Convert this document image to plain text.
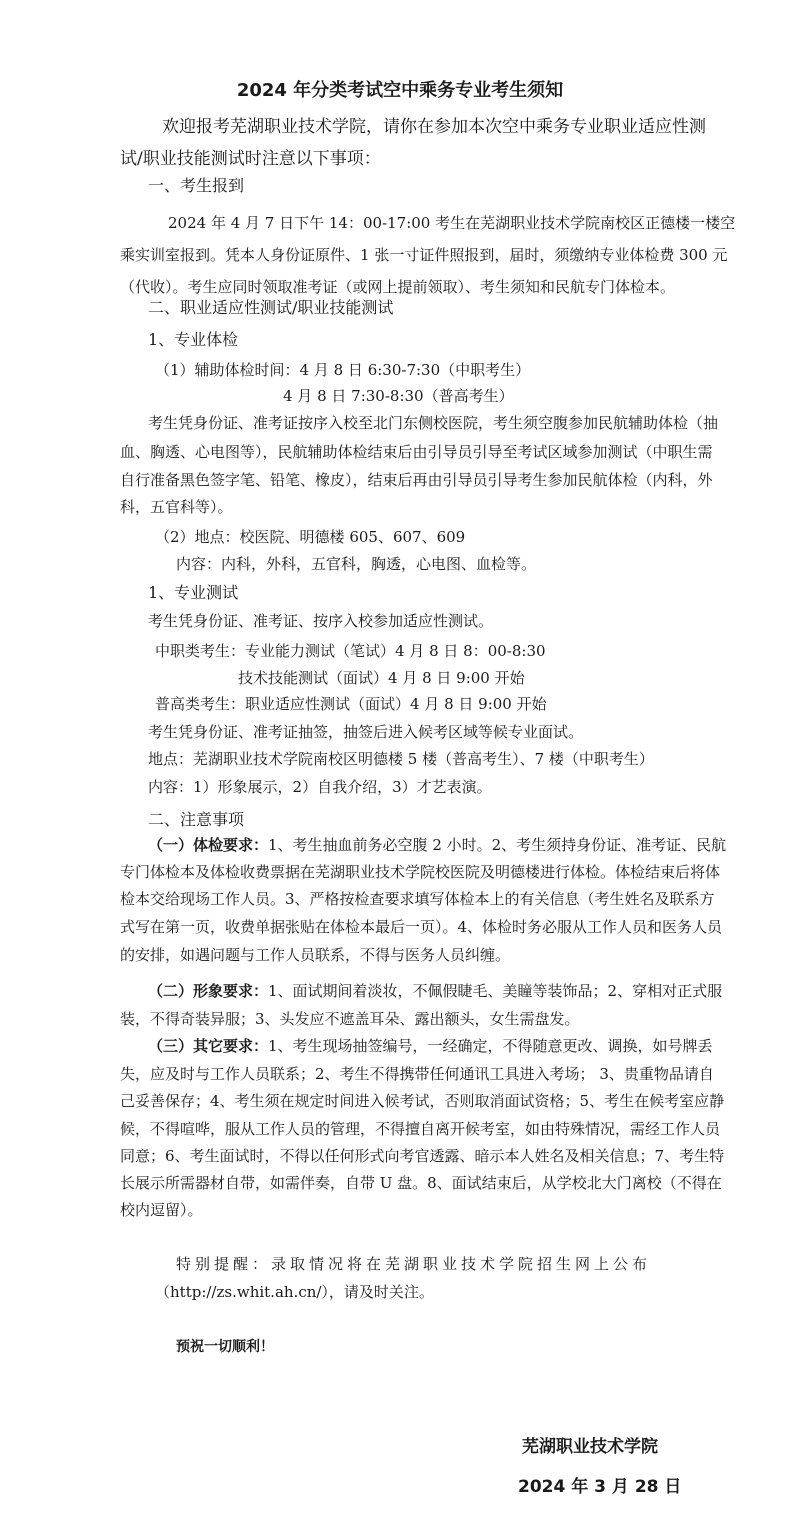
2024 年分类考试空中乘务专业考生须知
欢迎报考芜湖职业技术学院，请你在参加本次空中乘务专业职业适应性测
试/职业技能测试时注意以下事项：
一、考生报到
2024 年 4 月 7 日下午 14：00-17:00 考生在芜湖职业技术学院南校区正德楼一楼空
乘实训室报到。凭本人身份证原件、1 张一寸证件照报到，届时，须缴纳专业体检费 300 元
（代收）。考生应同时领取准考证（或网上提前领取）、考生须知和民航专门体检本。
二、职业适应性测试/职业技能测试
1、专业体检
（1）辅助体检时间：4 月 8 日 6:30-7:30（中职考生）
4 月 8 日 7:30-8:30（普高考生）
考生凭身份证、准考证按序入校至北门东侧校医院，考生须空腹参加民航辅助体检（抽
血、胸透、心电图等），民航辅助体检结束后由引导员引导至考试区域参加测试（中职生需
自行准备黑色签字笔、铅笔、橡皮），结束后再由引导员引导考生参加民航体检（内科，外
科，五官科等）。
（2）地点：校医院、明德楼 605、607、609
内容：内科，外科，五官科，胸透，心电图、血检等。
1、专业测试
考生凭身份证、准考证、按序入校参加适应性测试。
中职类考生：专业能力测试（笔试）4 月 8 日 8：00-8:30
技术技能测试（面试）4 月 8 日 9:00 开始
普高类考生：职业适应性测试（面试）4 月 8 日 9:00 开始
考生凭身份证、准考证抽签，抽签后进入候考区域等候专业面试。
地点：芜湖职业技术学院南校区明德楼 5 楼（普高考生）、7 楼（中职考生）
内容：1）形象展示，2）自我介绍，3）才艺表演。
二、注意事项
（一）体检要求：1、考生抽血前务必空腹 2 小时。2、考生须持身份证、准考证、民航
专门体检本及体检收费票据在芜湖职业技术学院校医院及明德楼进行体检。体检结束后将体
检本交给现场工作人员。3、严格按检查要求填写体检本上的有关信息（考生姓名及联系方
式写在第一页，收费单据张贴在体检本最后一页）。4、体检时务必服从工作人员和医务人员
的安排，如遇问题与工作人员联系，不得与医务人员纠缠。
（二）形象要求：1、面试期间着淡妆，不佩假睫毛、美瞳等装饰品；2、穿相对正式服
装，不得奇装异服；3、头发应不遮盖耳朵、露出额头，女生需盘发。
（三）其它要求：1、考生现场抽签编号，一经确定，不得随意更改、调换，如号牌丢
失，应及时与工作人员联系；2、考生不得携带任何通讯工具进入考场； 3、贵重物品请自
己妥善保存；4、考生须在规定时间进入候考试，否则取消面试资格；5、考生在候考室应静
候，不得喧哗，服从工作人员的管理，不得擅自离开候考室，如由特殊情况，需经工作人员
同意；6、考生面试时，不得以任何形式向考官透露、暗示本人姓名及相关信息；7、考生特
长展示所需器材自带，如需伴奏，自带 U 盘。8、面试结束后，从学校北大门离校（不得在
校内逗留）。
特别提醒：录取情况将在芜湖职业技术学院招生网上公布
（http://zs.whit.ah.cn/），请及时关注。
预祝一切顺利！
芜湖职业技术学院
2024 年 3 月 28 日
